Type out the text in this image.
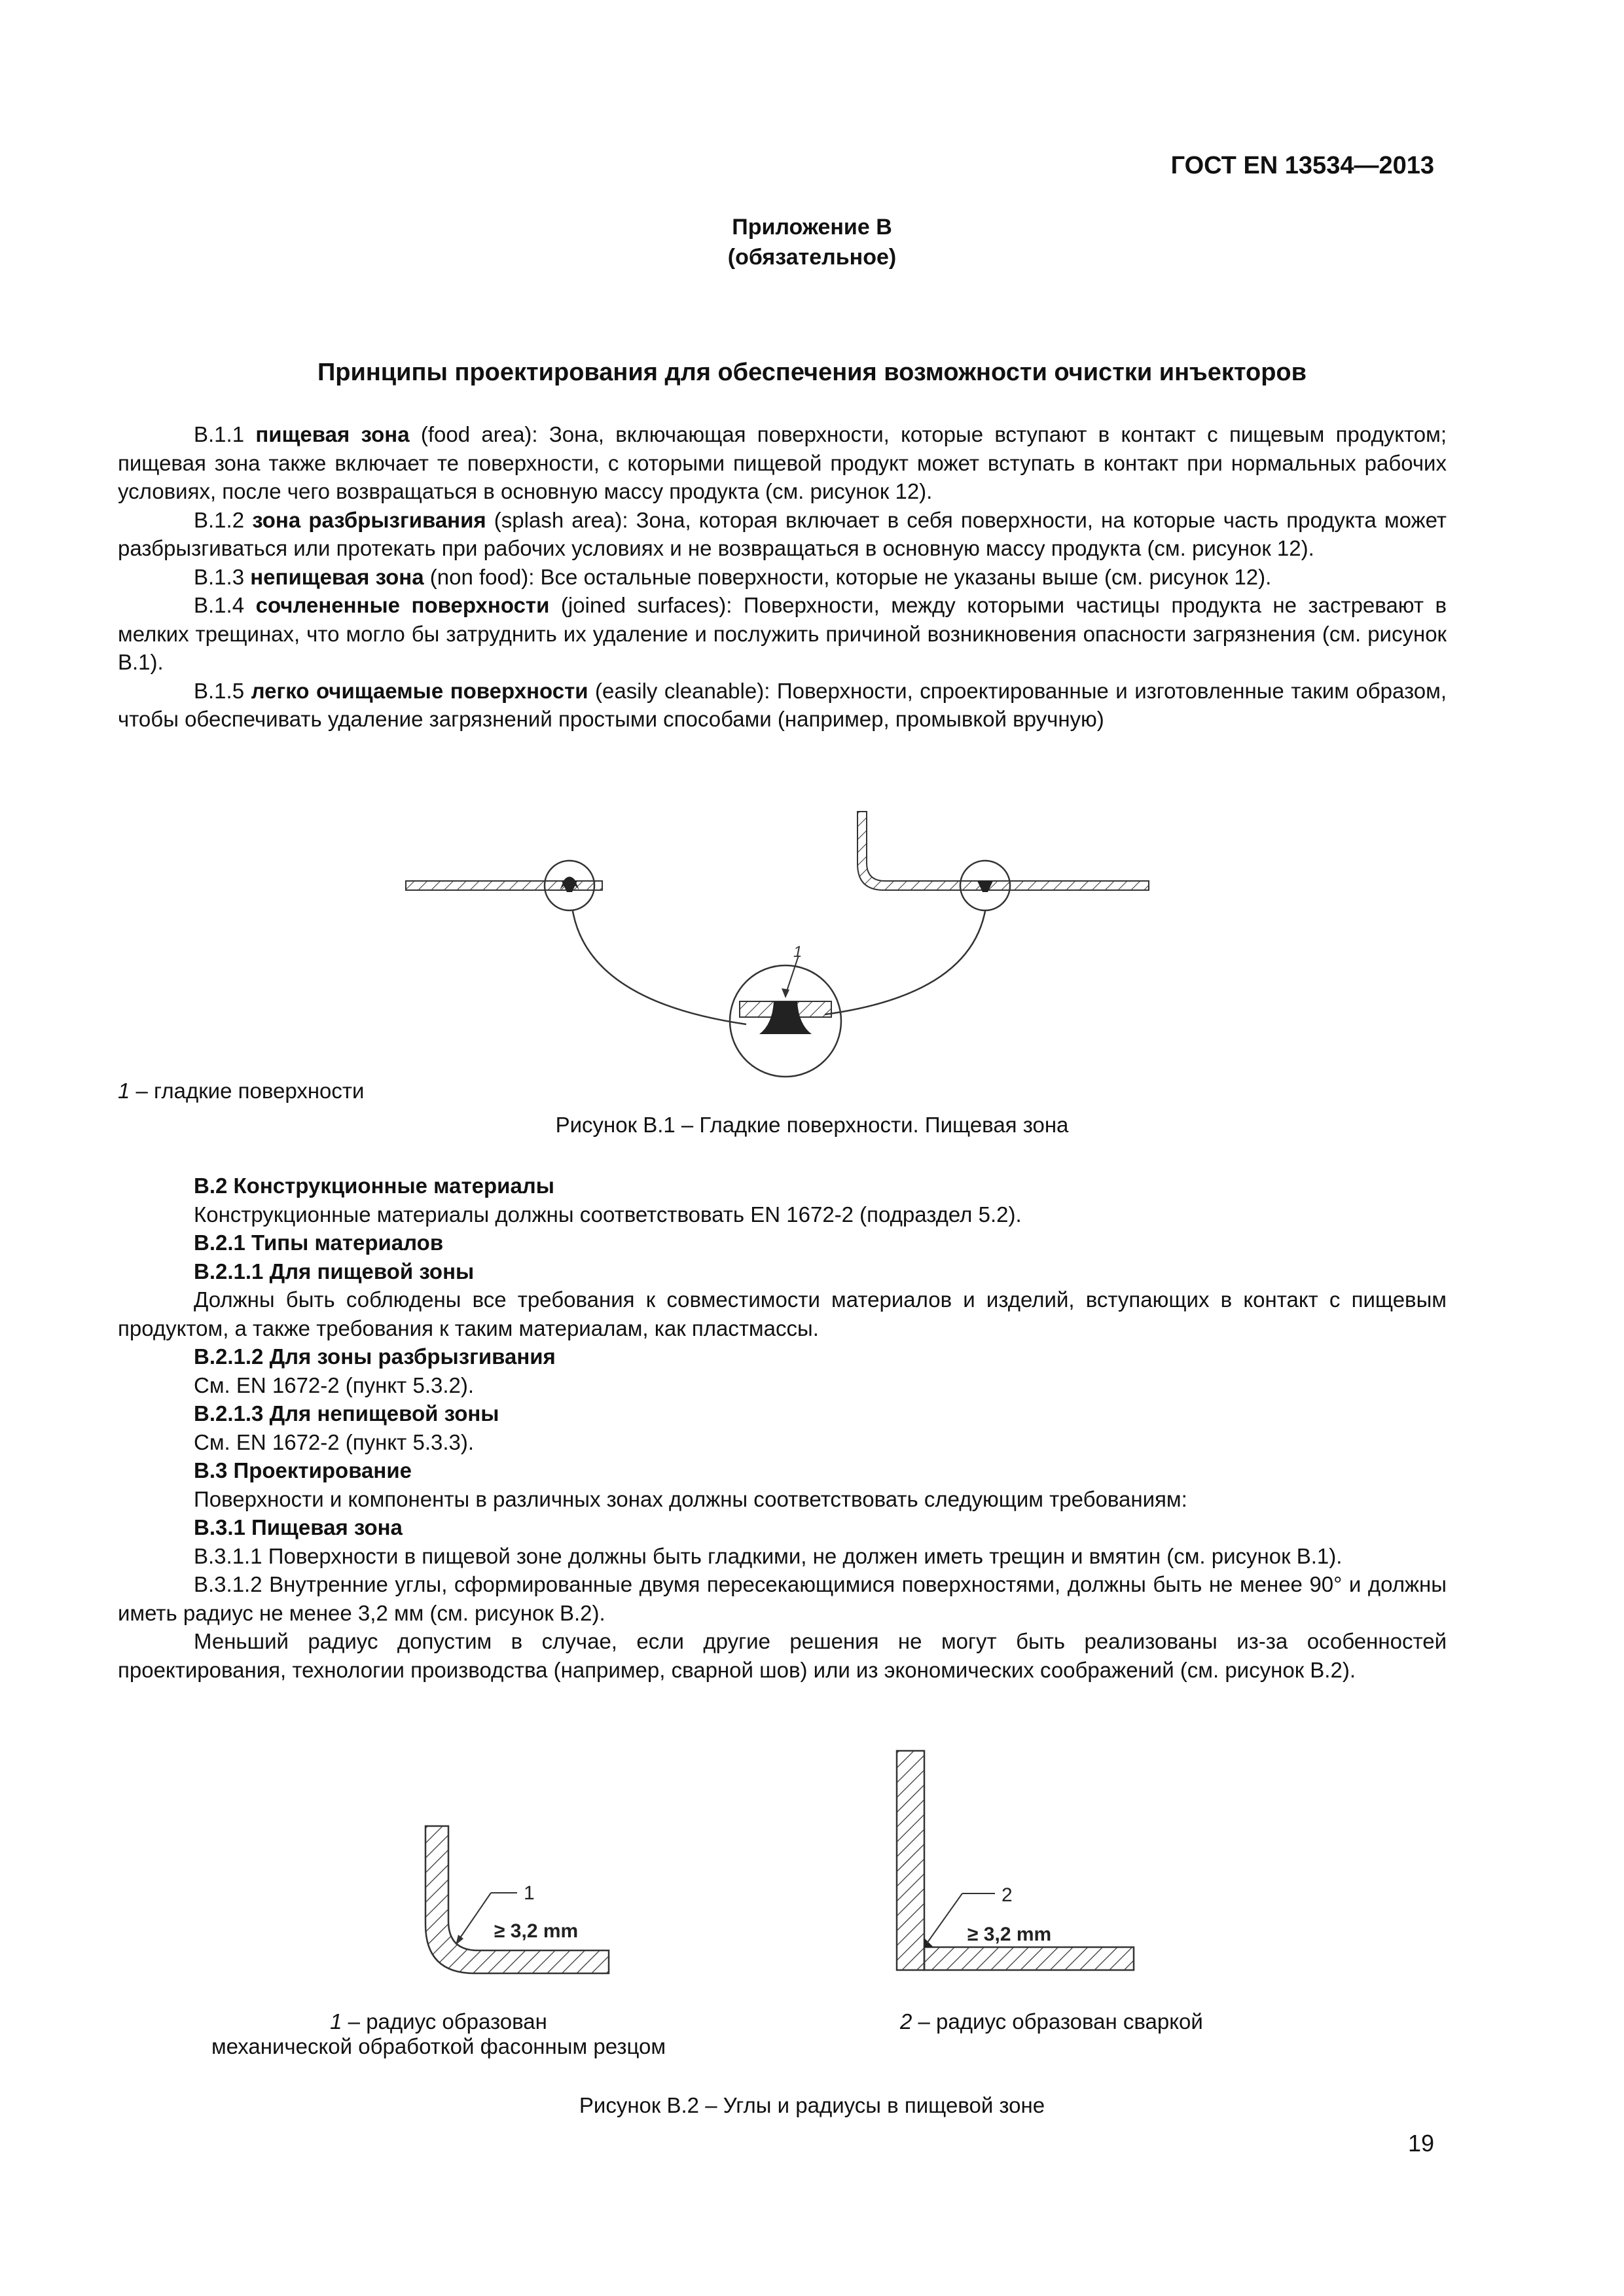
ГОСТ EN 13534—2013
Приложение В
(обязательное)
Принципы проектирования для обеспечения возможности очистки инъекторов

В.1.1 пищевая зона (food area): Зона, включающая поверхности, которые вступают в контакт с пищевым продуктом; пищевая зона также включает те поверхности, с которыми пищевой продукт может вступать в контакт при нормальных рабочих условиях, после чего возвращаться в основную массу продукта (см. рисунок 12).

В.1.2 зона разбрызгивания (splash area): Зона, которая включает в себя поверхности, на которые часть продукта может разбрызгиваться или протекать при рабочих условиях и не возвращаться в основную массу продукта (см. рисунок 12).

В.1.3 непищевая зона (non food): Все остальные поверхности, которые не указаны выше (см. рисунок 12).

В.1.4 сочлененные поверхности (joined surfaces): Поверхности, между которыми частицы продукта не застревают в мелких трещинах, что могло бы затруднить их удаление и послужить причиной возникновения опасности загрязнения (см. рисунок В.1).

В.1.5 легко очищаемые поверхности (easily cleanable): Поверхности, спроектированные и изготовленные таким образом, чтобы обеспечивать удаление загрязнений простыми способами (например, промывкой вручную)

1
1 – гладкие поверхности
Рисунок В.1 – Гладкие поверхности. Пищевая зона

В.2 Конструкционные материалы

Конструкционные материалы должны соответствовать EN 1672-2 (подраздел 5.2).

В.2.1 Типы материалов

В.2.1.1 Для пищевой зоны

Должны быть соблюдены все требования к совместимости материалов и изделий, вступающих в контакт с пищевым продуктом, а также требования к таким материалам, как пластмассы.

В.2.1.2 Для зоны разбрызгивания

См. EN 1672-2 (пункт 5.3.2).

В.2.1.3 Для непищевой зоны

См. EN 1672-2 (пункт 5.3.3).

В.3 Проектирование

Поверхности и компоненты в различных зонах должны соответствовать следующим требованиям:

В.3.1 Пищевая зона

В.3.1.1 Поверхности в пищевой зоне должны быть гладкими, не должен иметь трещин и вмятин (см. рисунок В.1).

В.3.1.2 Внутренние углы, сформированные двумя пересекающимися поверхностями, должны быть не менее 90° и должны иметь радиус не менее 3,2 мм (см. рисунок В.2).

Меньший радиус допустим в случае, если другие решения не могут быть реализованы из-за особенностей проектирования, технологии производства (например, сварной шов) или из экономических соображений (см. рисунок В.2).

1
≥ 3,2 mm
2
≥ 3,2 mm
1 – радиус образован
механической обработкой фасонным резцом
2 – радиус образован сваркой
Рисунок В.2 – Углы и радиусы в пищевой зоне
19
